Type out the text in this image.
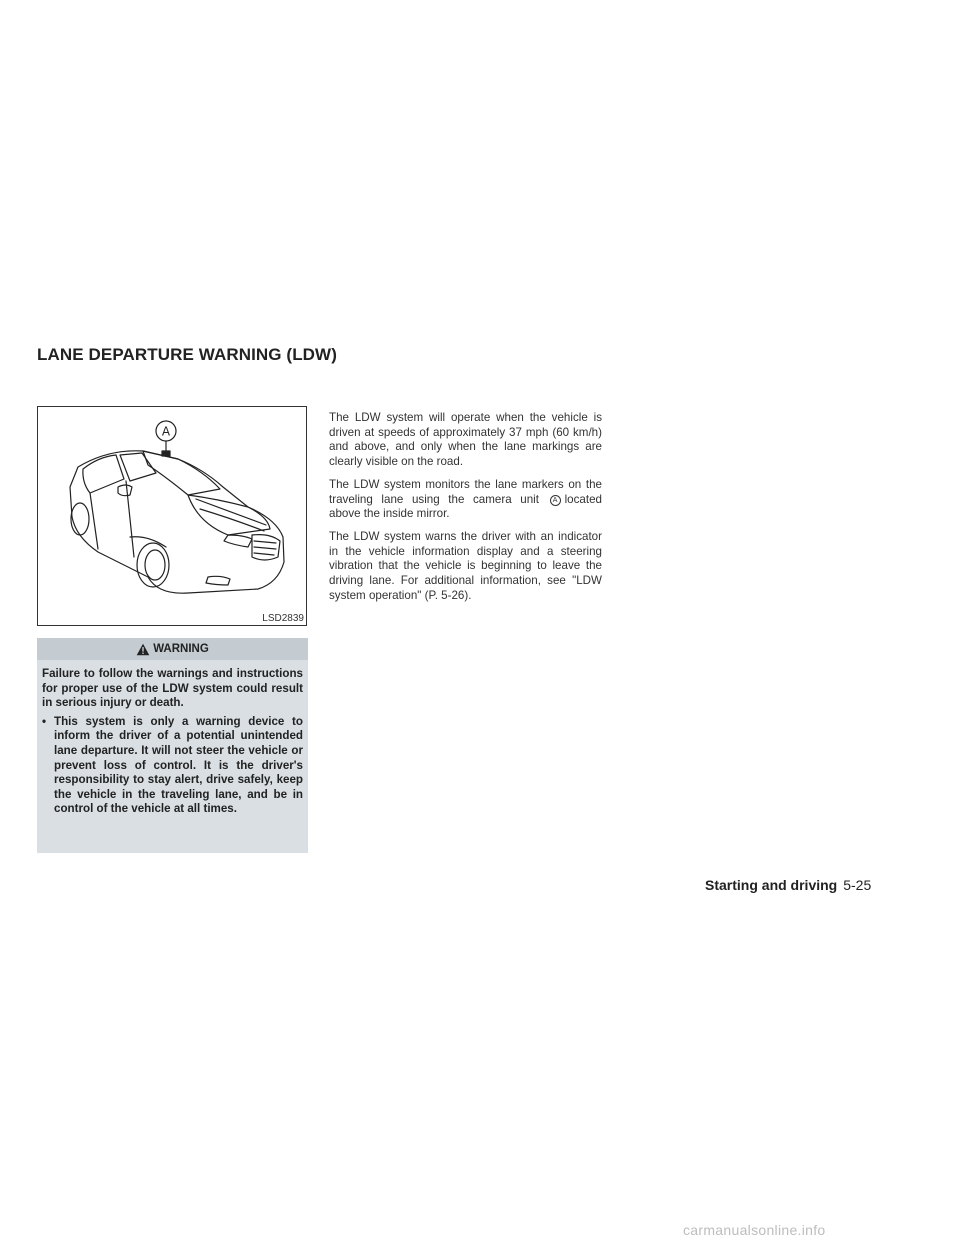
LANE DEPARTURE WARNING (LDW)
A
LSD2839
WARNING

Failure to follow the warnings and instructions for proper use of the LDW system could result in serious injury or death.

• This system is only a warning device to inform the driver of a potential unintended lane departure. It will not steer the vehicle or prevent loss of control. It is the driver's responsibility to stay alert, drive safely, keep the vehicle in the traveling lane, and be in control of the vehicle at all times.

The LDW system will operate when the vehicle is driven at speeds of approximately 37 mph (60 km/h) and above, and only when the lane markings are clearly visible on the road.

The LDW system monitors the lane markers on the traveling lane using the camera unit A located above the inside mirror.

The LDW system warns the driver with an indicator in the vehicle information display and a steering vibration that the vehicle is beginning to leave the driving lane. For additional information, see "LDW system operation" (P. 5-26).

Starting and driving 5-25
carmanualsonline.info
